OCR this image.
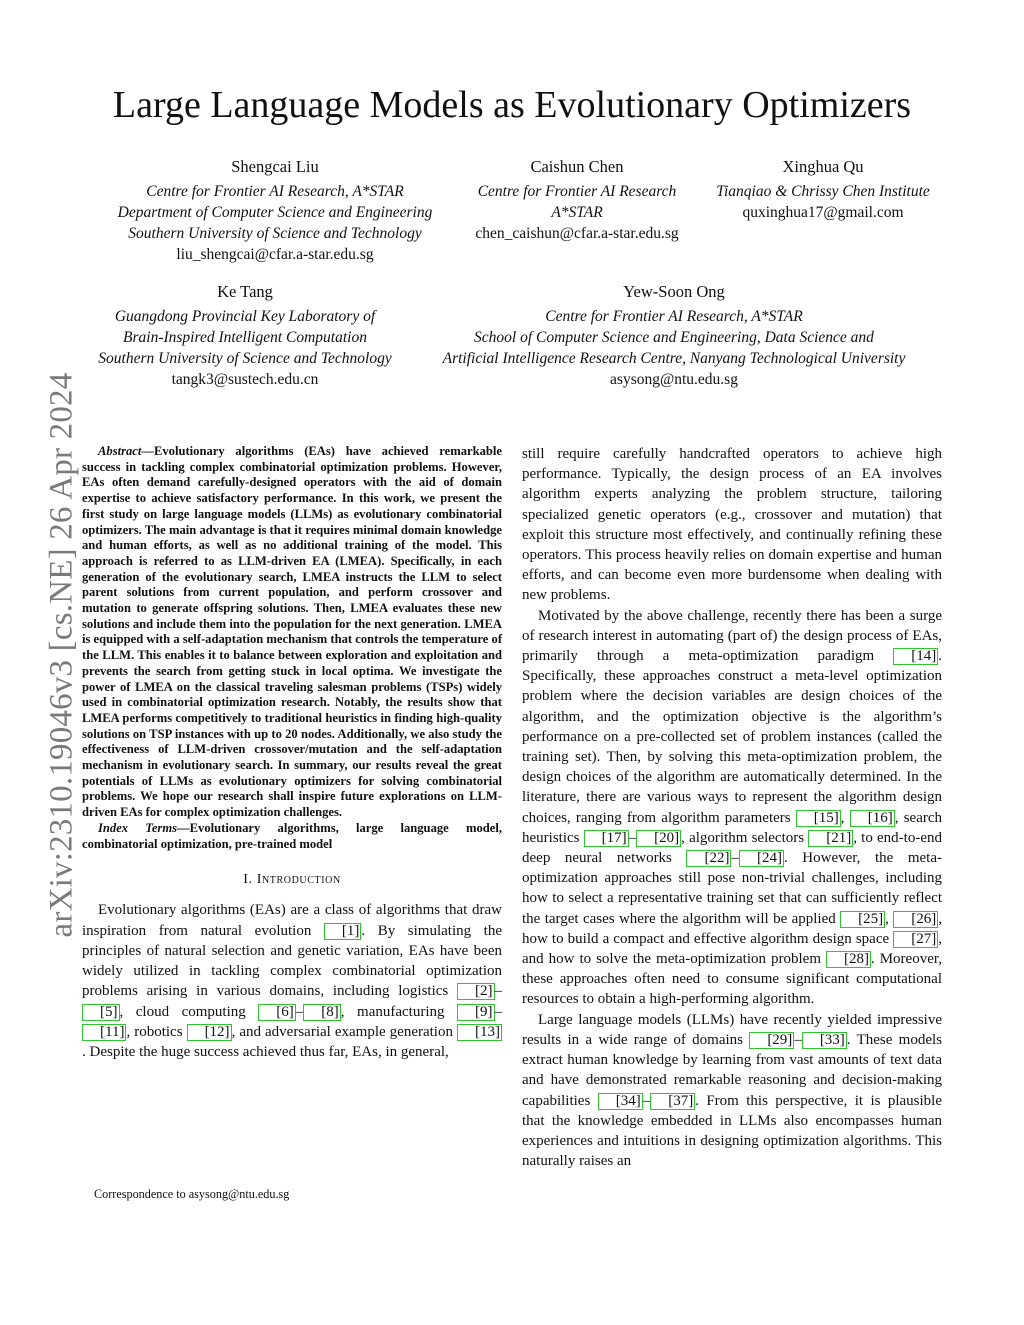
arXiv:2310.19046v3 [cs.NE] 26 Apr 2024
Large Language Models as Evolutionary Optimizers
Shengcai Liu
Centre for Frontier AI Research, A*STAR
Department of Computer Science and Engineering
Southern University of Science and Technology
liu_shengcai@cfar.a-star.edu.sg
Caishun Chen
Centre for Frontier AI Research
A*STAR
chen_caishun@cfar.a-star.edu.sg
Xinghua Qu
Tianqiao & Chrissy Chen Institute
quxinghua17@gmail.com
Ke Tang
Guangdong Provincial Key Laboratory of
Brain-Inspired Intelligent Computation
Southern University of Science and Technology
tangk3@sustech.edu.cn
Yew-Soon Ong
Centre for Frontier AI Research, A*STAR
School of Computer Science and Engineering, Data Science and
Artificial Intelligence Research Centre, Nanyang Technological University
asysong@ntu.edu.sg

Abstract—Evolutionary algorithms (EAs) have achieved remarkable success in tackling complex combinatorial optimization problems. However, EAs often demand carefully-designed operators with the aid of domain expertise to achieve satisfactory performance. In this work, we present the first study on large language models (LLMs) as evolutionary combinatorial optimizers. The main advantage is that it requires minimal domain knowledge and human efforts, as well as no additional training of the model. This approach is referred to as LLM-driven EA (LMEA). Specifically, in each generation of the evolutionary search, LMEA instructs the LLM to select parent solutions from current population, and perform crossover and mutation to generate offspring solutions. Then, LMEA evaluates these new solutions and include them into the population for the next generation. LMEA is equipped with a self-adaptation mechanism that controls the temperature of the LLM. This enables it to balance between exploration and exploitation and prevents the search from getting stuck in local optima. We investigate the power of LMEA on the classical traveling salesman problems (TSPs) widely used in combinatorial optimization research. Notably, the results show that LMEA performs competitively to traditional heuristics in finding high-quality solutions on TSP instances with up to 20 nodes. Additionally, we also study the effectiveness of LLM-driven crossover/mutation and the self-adaptation mechanism in evolutionary search. In summary, our results reveal the great potentials of LLMs as evolutionary optimizers for solving combinatorial problems. We hope our research shall inspire future explorations on LLM-driven EAs for complex optimization challenges.

Index Terms—Evolutionary algorithms, large language model, combinatorial optimization, pre-trained model

I. Introduction

Evolutionary algorithms (EAs) are a class of algorithms that draw inspiration from natural evolution [1] . By simulating the principles of natural selection and genetic variation, EAs have been widely utilized in tackling complex combinatorial optimization problems arising in various domains, including logistics [2] –[5] , cloud computing [6] – [8] , manufacturing [9] –[11] , robotics [12] , and adversarial example generation [13]. Despite the huge success achieved thus far, EAs, in general,

still require carefully handcrafted operators to achieve high performance. Typically, the design process of an EA involves algorithm experts analyzing the problem structure, tailoring specialized genetic operators (e.g., crossover and mutation) that exploit this structure most effectively, and continually refining these operators. This process heavily relies on domain expertise and human efforts, and can become even more burdensome when dealing with new problems.

Motivated by the above challenge, recently there has been a surge of research interest in automating (part of) the design process of EAs, primarily through a meta-optimization paradigm [14] . Specifically, these approaches construct a meta-level optimization problem where the decision variables are design choices of the algorithm, and the optimization objective is the algorithm’s performance on a pre-collected set of problem instances (called the training set). Then, by solving this meta-optimization problem, the design choices of the algorithm are automatically determined. In the literature, there are various ways to represent the algorithm design choices, ranging from algorithm parameters [15] , [16] , search heuristics [17] – [20] , algorithm selectors [21] , to end-to-end deep neural networks [22] – [24] . However, the meta-optimization approaches still pose non-trivial challenges, including how to select a representative training set that can sufficiently reflect the target cases where the algorithm will be applied [25] , [26] , how to build a compact and effective algorithm design space [27] , and how to solve the meta-optimization problem [28] . Moreover, these approaches often need to consume significant computational resources to obtain a high-performing algorithm.

Large language models (LLMs) have recently yielded impressive results in a wide range of domains [29] – [33] . These models extract human knowledge by learning from vast amounts of text data and have demonstrated remarkable reasoning and decision-making capabilities [34] – [37] . From this perspective, it is plausible that the knowledge embedded in LLMs also encompasses human experiences and intuitions in designing optimization algorithms. This naturally raises an

Correspondence to asysong@ntu.edu.sg
